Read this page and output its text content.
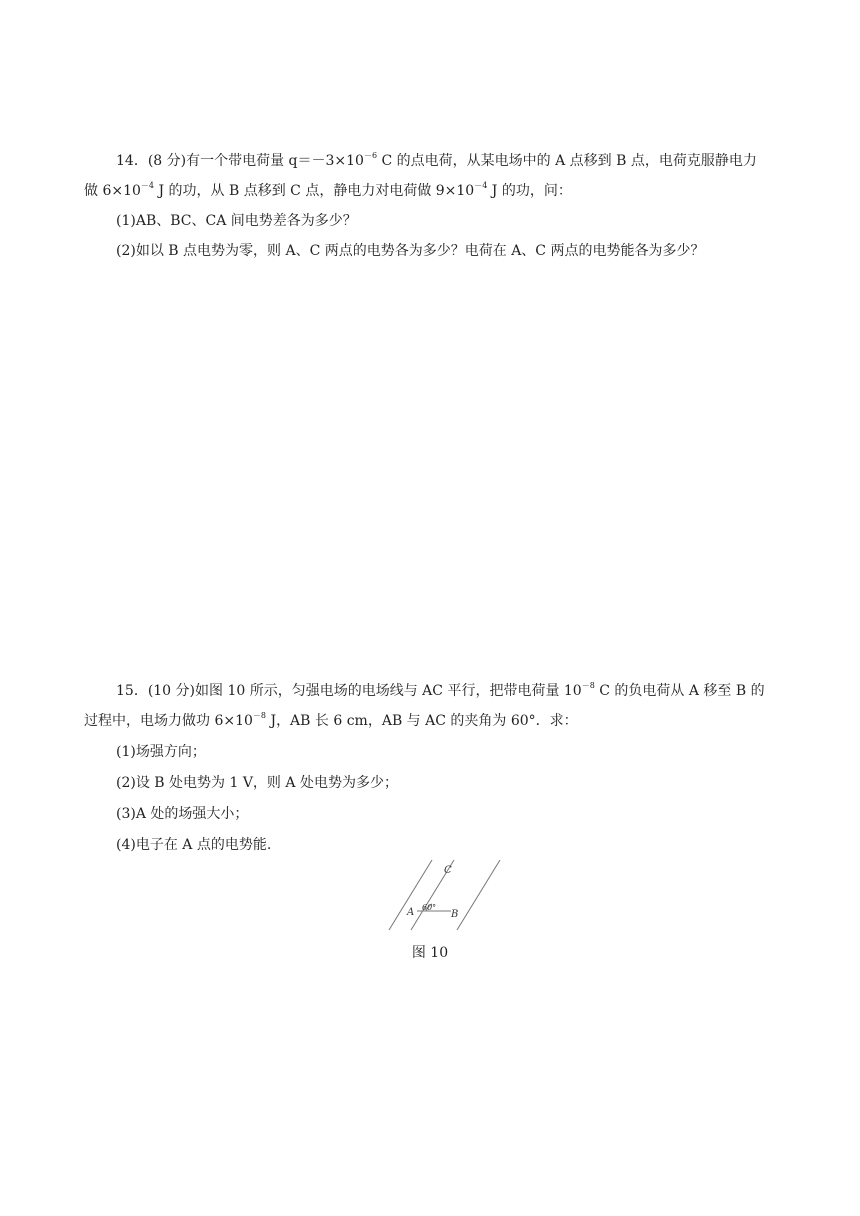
14．(8 分)有一个带电荷量 $q=-3\times 10^{-6}$ C 的点电荷，从某电场中的 A 点移到 B 点，电荷克服静电力
做 $6\times 10^{-4}$ J 的功，从 B 点移到 C 点，静电力对电荷做 $9\times 10^{-4}$ J 的功，问：
(1)AB、BC、CA 间电势差各为多少？
(2)如以 B 点电势为零，则 A、C 两点的电势各为多少？电荷在 A、C 两点的电势能各为多少？
15．(10 分)如图 10 所示，匀强电场的电场线与 AC 平行，把带电荷量 $10^{-8}$ C 的负电荷从 A 移至 B 的
过程中，电场力做功 $6\times 10^{-8}$ J，AB 长 6 cm，AB 与 AC 的夹角为 60°．求：
(1)场强方向；
(2)设 B 处电势为 1 V，则 A 处电势为多少；
(3)A 处的场强大小；
(4)电子在 A 点的电势能.
A	B
C
60°
图 10
